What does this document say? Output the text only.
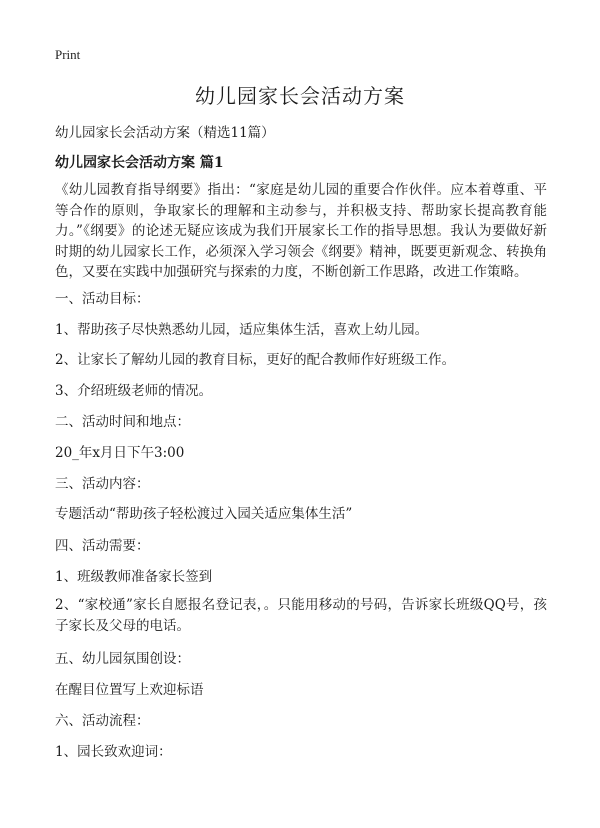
Print
幼儿园家长会活动方案
幼儿园家长会活动方案（精选11篇）
幼儿园家长会活动方案 篇1
《幼儿园教育指导纲要》指出：“家庭是幼儿园的重要合作伙伴。应本着尊重、平等合作的原则，争取家长的理解和主动参与，并积极支持、帮助家长提高教育能力。”《纲要》的论述无疑应该成为我们开展家长工作的指导思想。我认为要做好新时期的幼儿园家长工作，必须深入学习领会《纲要》精神，既要更新观念、转换角色，又要在实践中加强研究与探索的力度，不断创新工作思路，改进工作策略。
一、活动目标：
1、帮助孩子尽快熟悉幼儿园，适应集体生活，喜欢上幼儿园。
2、让家长了解幼儿园的教育目标，更好的配合教师作好班级工作。
3、介绍班级老师的情况。
二、活动时间和地点：
20_年x月日下午3:00
三、活动内容：
专题活动“帮助孩子轻松渡过入园关适应集体生活”
四、活动需要：
1、班级教师准备家长签到
2、“家校通”家长自愿报名登记表，。只能用移动的号码，告诉家长班级QQ号，孩子家长及父母的电话。
五、幼儿园氛围创设：
在醒目位置写上欢迎标语
六、活动流程：
1、园长致欢迎词：
